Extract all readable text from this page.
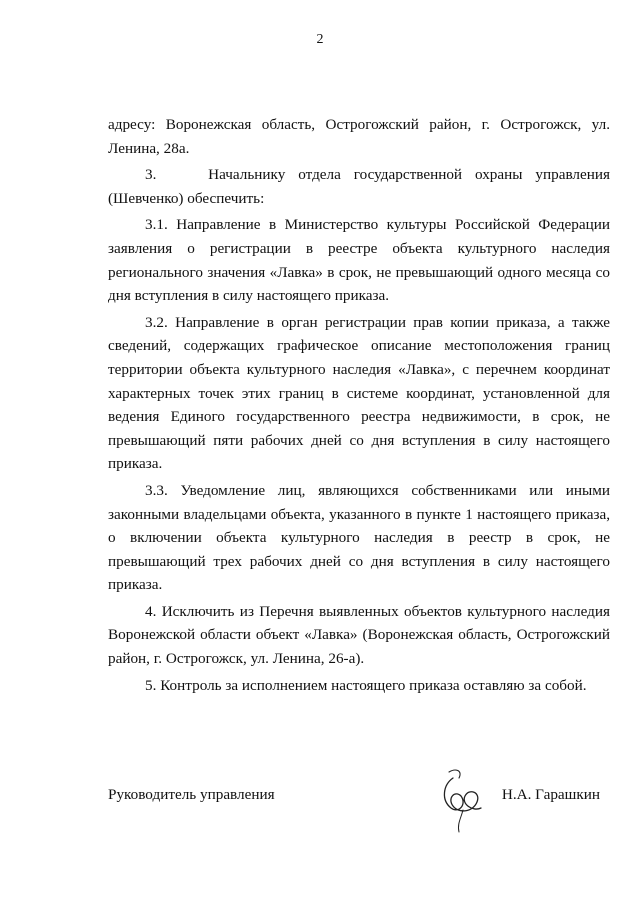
2

адресу: Воронежская область, Острогожский район, г. Острогожск, ул. Ленина, 28а.

3.    Начальнику отдела государственной охраны управления (Шевченко) обеспечить:

3.1. Направление в Министерство культуры Российской Федерации заявления о регистрации в реестре объекта культурного наследия регионального значения «Лавка» в срок, не превышающий одного месяца со дня вступления в силу настоящего приказа.

3.2. Направление в орган регистрации прав копии приказа, а также сведений, содержащих графическое описание местоположения границ территории объекта культурного наследия «Лавка», с перечнем координат характерных точек этих границ в системе координат, установленной для ведения Единого государственного реестра недвижимости, в срок, не превышающий пяти рабочих дней со дня вступления в силу настоящего приказа.

3.3. Уведомление лиц, являющихся собственниками или иными законными владельцами объекта, указанного в пункте 1 настоящего приказа, о включении объекта культурного наследия в реестр в срок, не превышающий трех рабочих дней со дня вступления в силу настоящего приказа.

4. Исключить из Перечня выявленных объектов культурного наследия Воронежской области объект «Лавка» (Воронежская область, Острогожский район, г. Острогожск, ул. Ленина, 26-а).

5. Контроль за исполнением настоящего приказа оставляю за собой.

Руководитель управления	Н.А. Гарашкин
